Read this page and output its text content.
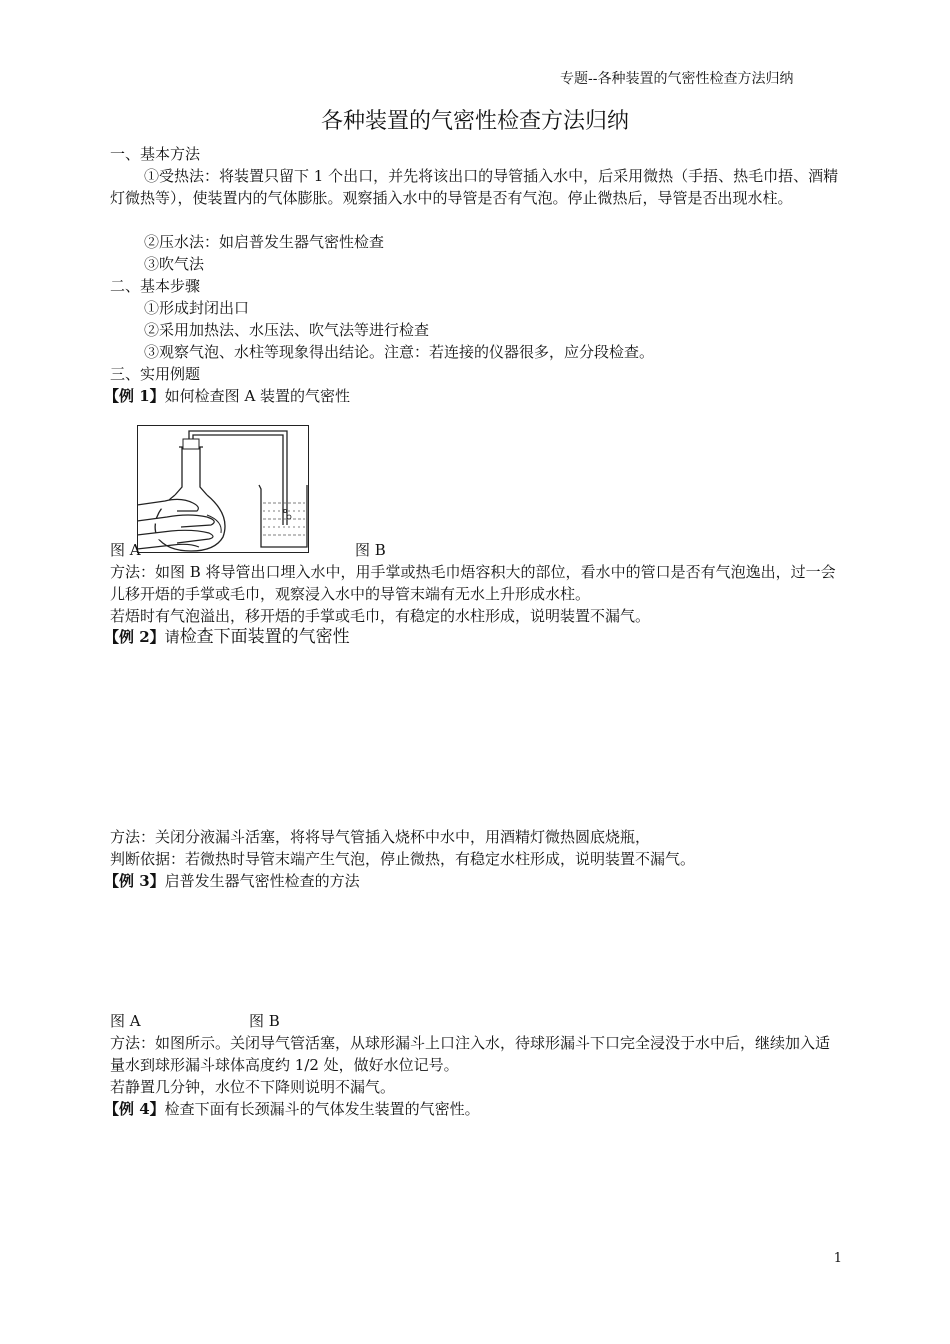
专题--各种装置的气密性检查方法归纳
各种装置的气密性检查方法归纳
一、基本方法
①受热法：将装置只留下 1 个出口，并先将该出口的导管插入水中，后采用微热（手捂、热毛巾捂、酒精灯微热等），使装置内的气体膨胀。观察插入水中的导管是否有气泡。停止微热后，导管是否出现水柱。
②压水法：如启普发生器气密性检查
③吹气法
二、基本步骤
①形成封闭出口
②采用加热法、水压法、吹气法等进行检查
③观察气泡、水柱等现象得出结论。注意：若连接的仪器很多，应分段检查。
三、实用例题
【例 1】如何检查图 A 装置的气密性
图 A	图 B
方法：如图 B 将导管出口埋入水中，用手掌或热毛巾焐容积大的部位，看水中的管口是否有气泡逸出，过一会儿移开焐的手掌或毛巾，观察浸入水中的导管末端有无水上升形成水柱。
若焐时有气泡溢出，移开焐的手掌或毛巾，有稳定的水柱形成，说明装置不漏气。
【例 2】请检查下面装置的气密性
方法：关闭分液漏斗活塞，将将导气管插入烧杯中水中，用酒精灯微热圆底烧瓶，
判断依据：若微热时导管末端产生气泡，停止微热，有稳定水柱形成，说明装置不漏气。
【例 3】启普发生器气密性检查的方法
图 A	图 B
方法：如图所示。关闭导气管活塞，从球形漏斗上口注入水，待球形漏斗下口完全浸没于水中后，继续加入适量水到球形漏斗球体高度约 1/2 处，做好水位记号。
若静置几分钟，水位不下降则说明不漏气。
【例 4】检查下面有长颈漏斗的气体发生装置的气密性。
1
